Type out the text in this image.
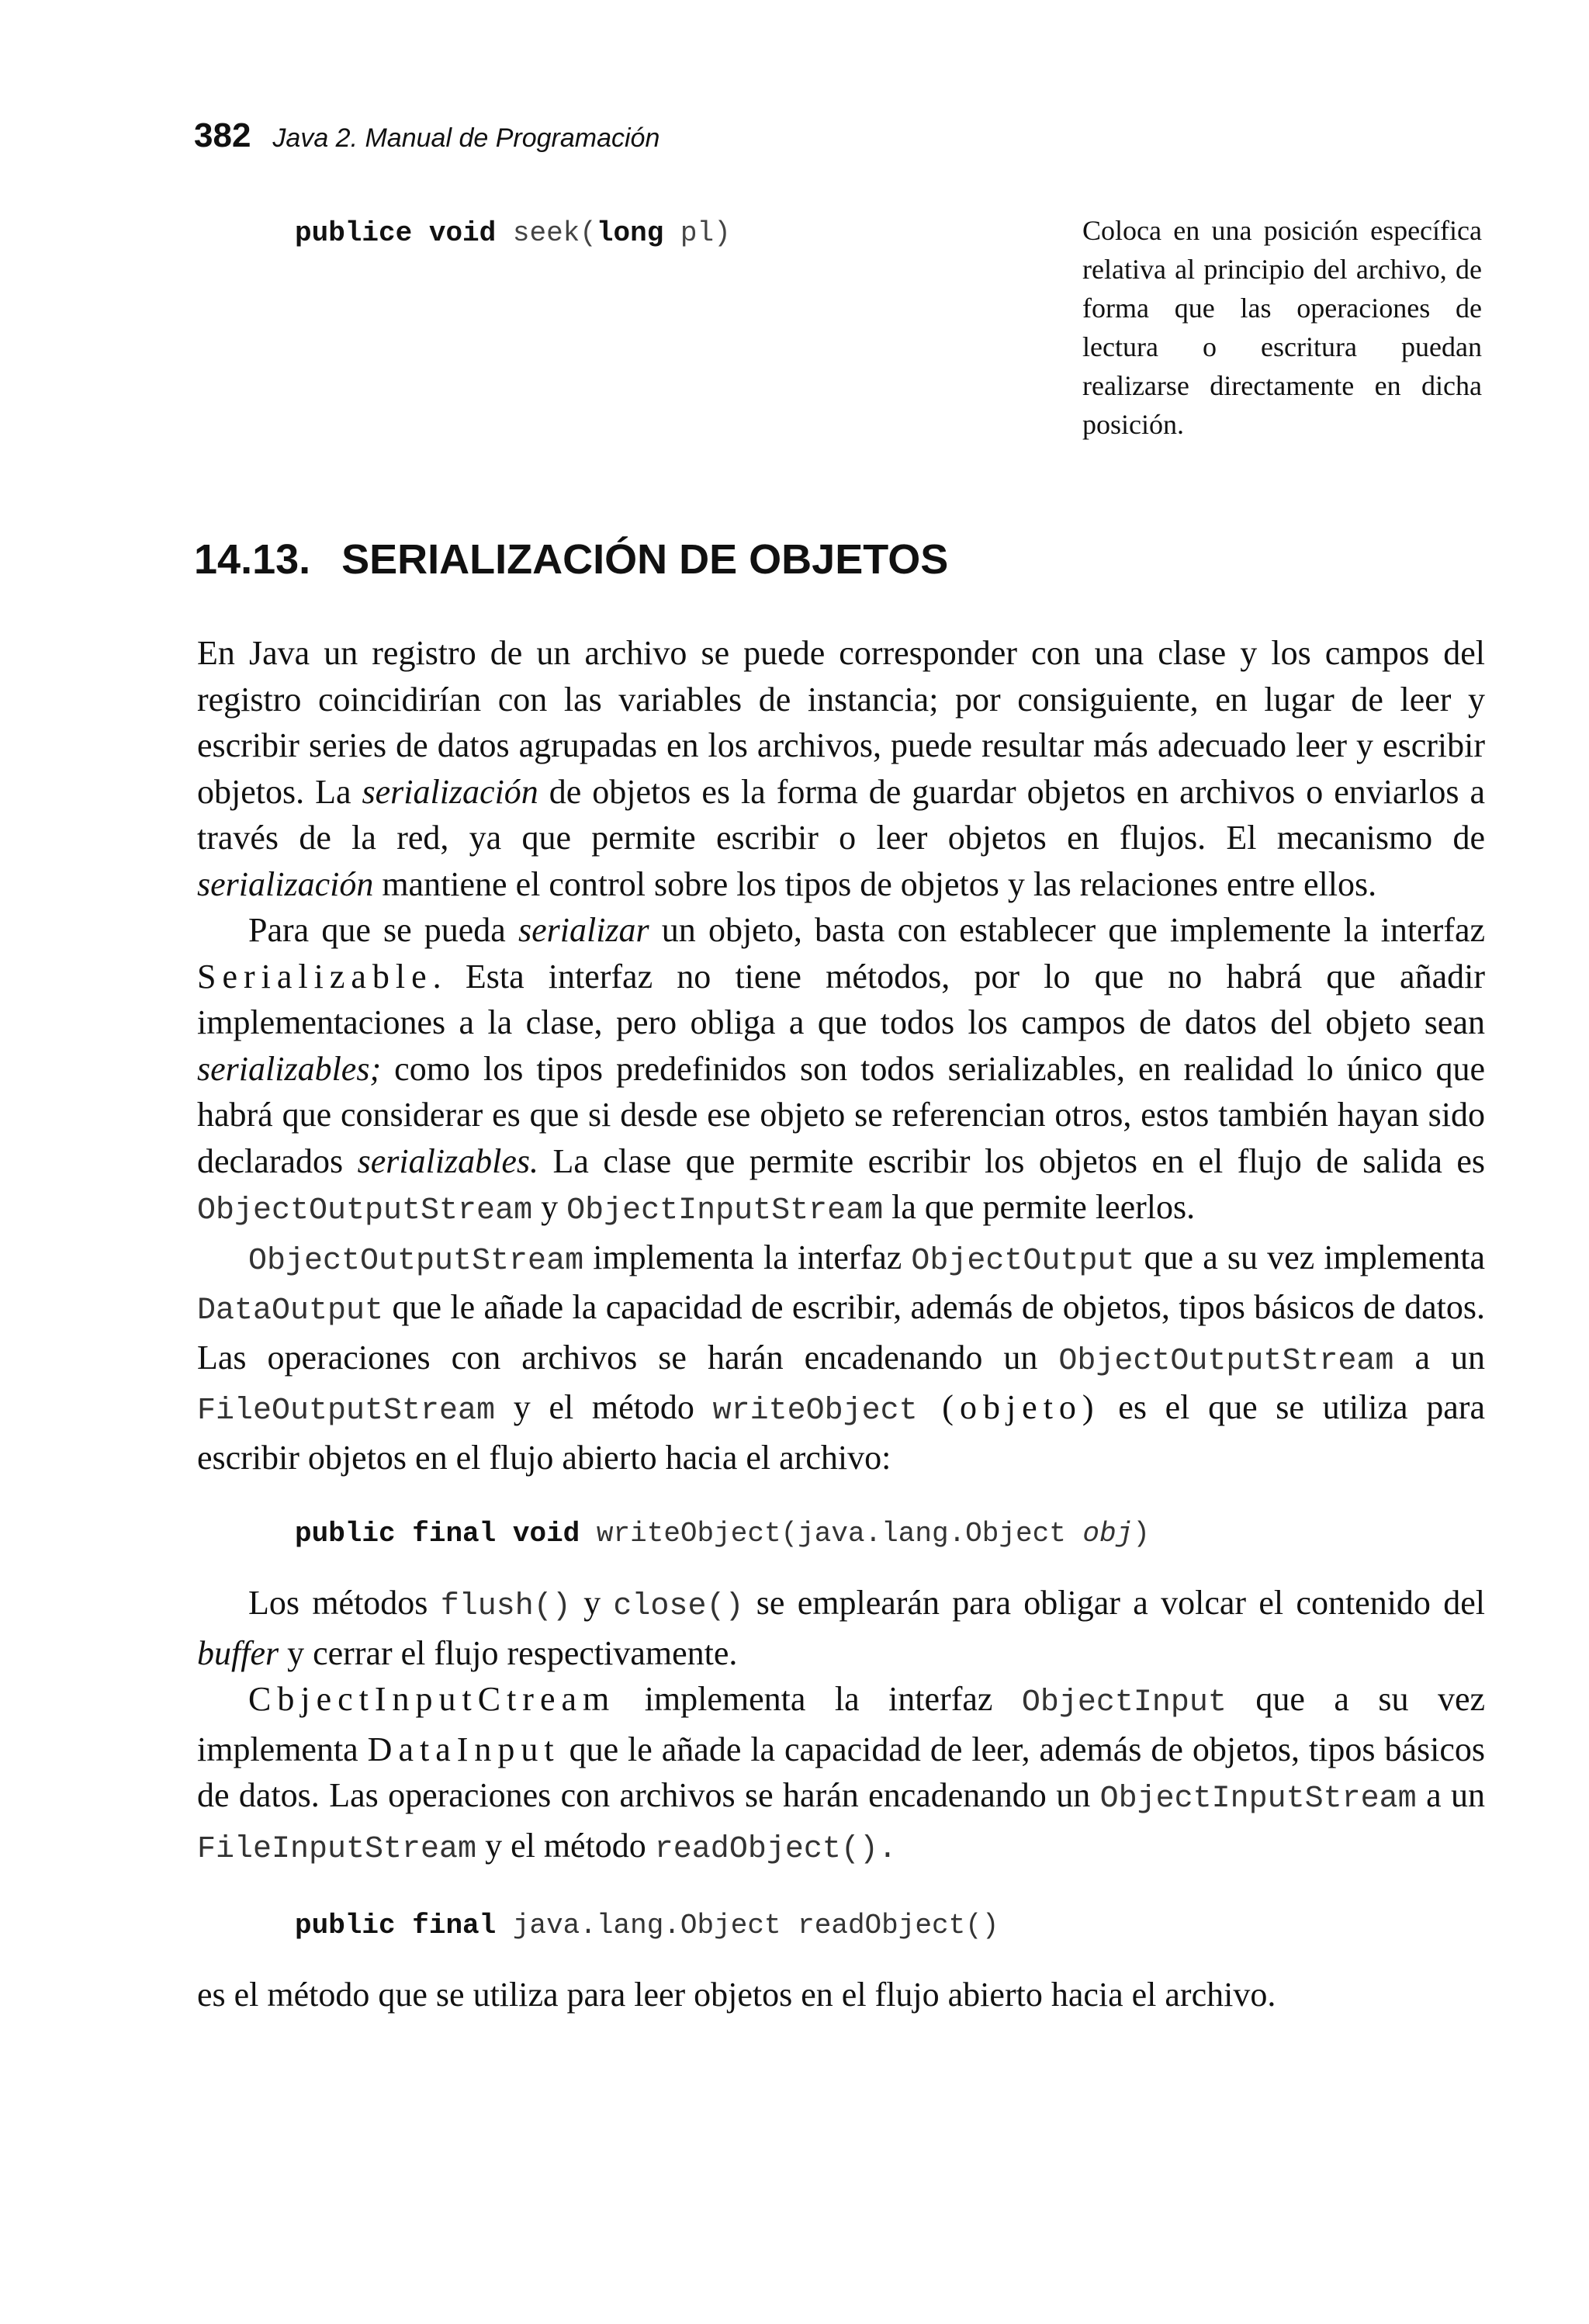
382 Java 2. Manual de Programación
publice void seek(long pl)	Coloca en una posición específica relativa al principio del archivo, de forma que las operaciones de lectura o escritura puedan realizarse directamente en dicha posición.
14.13. SERIALIZACIÓN DE OBJETOS

En Java un registro de un archivo se puede corresponder con una clase y los campos del registro coincidirían con las variables de instancia; por consiguiente, en lugar de leer y escribir series de datos agrupadas en los archivos, puede resultar más adecuado leer y escribir objetos. La serialización de objetos es la forma de guardar objetos en archivos o enviarlos a través de la red, ya que permite escribir o leer objetos en flujos. El mecanismo de serialización mantiene el control sobre los tipos de objetos y las relaciones entre ellos.

Para que se pueda serializar un objeto, basta con establecer que implemente la interfaz Serializable. Esta interfaz no tiene métodos, por lo que no habrá que añadir implementaciones a la clase, pero obliga a que todos los campos de datos del objeto sean serializables; como los tipos predefinidos son todos serializables, en realidad lo único que habrá que considerar es que si desde ese objeto se referencian otros, estos también hayan sido declarados serializables. La clase que permite escribir los objetos en el flujo de salida es ObjectOutputStream y ObjectInputStream la que permite leerlos.

ObjectOutputStream implementa la interfaz ObjectOutput que a su vez implementa DataOutput que le añade la capacidad de escribir, además de objetos, tipos básicos de datos. Las operaciones con archivos se harán encadenando un ObjectOutputStream a un FileOutputStream y el método writeObject (objeto) es el que se utiliza para escribir objetos en el flujo abierto hacia el archivo:

public final void writeObject(java.lang.Object obj)

Los métodos flush() y close() se emplearán para obligar a volcar el contenido del buffer y cerrar el flujo respectivamente.

CbjectInputCtream implementa la interfaz ObjectInput que a su vez implementa DataInput que le añade la capacidad de leer, además de objetos, tipos básicos de datos. Las operaciones con archivos se harán encadenando un ObjectInputStream a un FileInputStream y el método readObject().

public final java.lang.Object readObject()

es el método que se utiliza para leer objetos en el flujo abierto hacia el archivo.
